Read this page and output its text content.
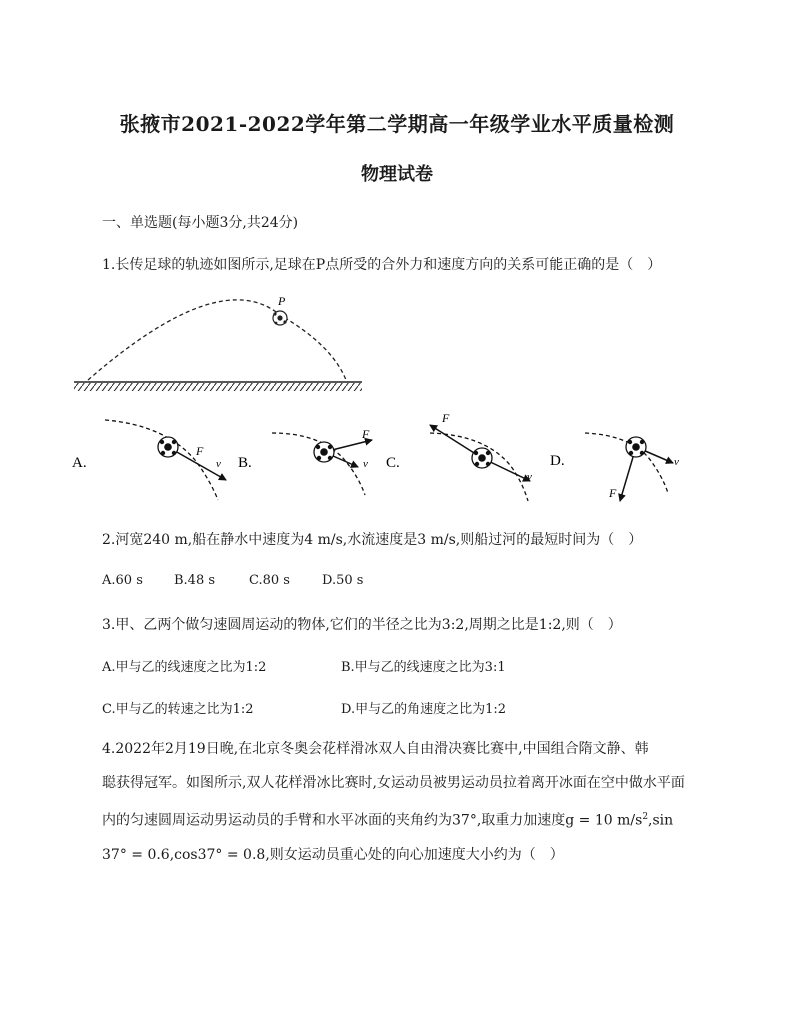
张掖市2021-2022学年第二学期高一年级学业水平质量检测
物理试卷
一、单选题(每小题3分,共24分)
1.长传足球的轨迹如图所示,足球在P点所受的合外力和速度方向的关系可能正确的是（　）
P
A.
F
v B.
F
v C.
F
v
D.
F
v
2.河宽240 m,船在静水中速度为4 m/s,水流速度是3 m/s,则船过河的最短时间为（　）
A.60 s B.48 s	C.80 s D.50 s
3.甲、乙两个做匀速圆周运动的物体,它们的半径之比为3:2,周期之比是1:2,则（　）
A.甲与乙的线速度之比为1:2	B.甲与乙的线速度之比为3:1
C.甲与乙的转速之比为1:2	D.甲与乙的角速度之比为1:2
4.2022年2月19日晚,在北京冬奥会花样滑冰双人自由滑决赛比赛中,中国组合隋文静、韩
聪获得冠军。如图所示,双人花样滑冰比赛时,女运动员被男运动员拉着离开冰面在空中做水平面
内的匀速圆周运动男运动员的手臂和水平冰面的夹角约为37°,取重力加速度g = 10 $m/s^2,\sin$
37° = 0.6,cos37° = 0.8,则女运动员重心处的向心加速度大小约为（　）
